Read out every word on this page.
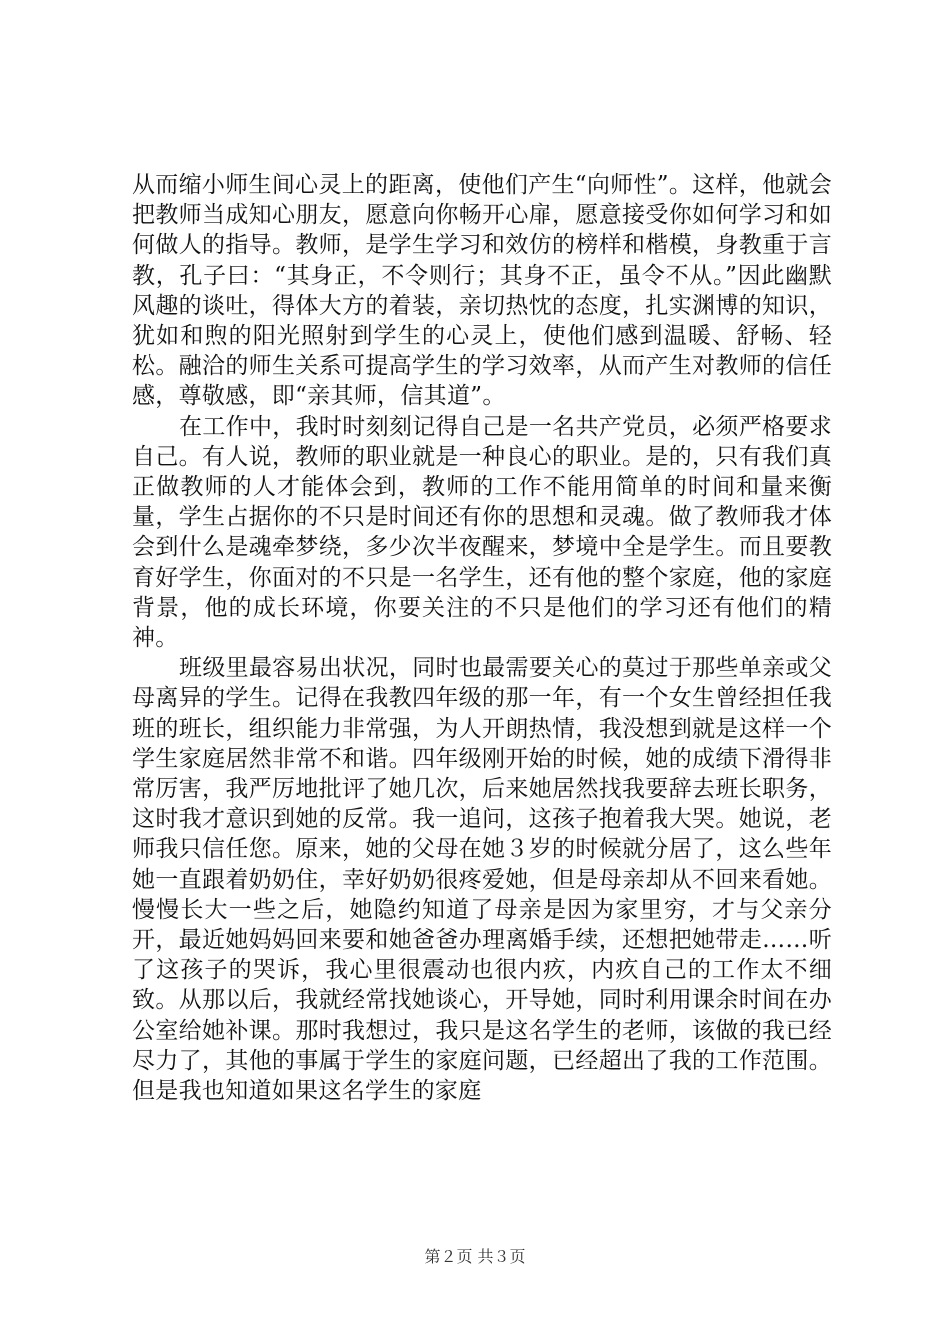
从而缩小师生间心灵上的距离，使他们产生“向师性”。这样，他就会把教师当成知心朋友，愿意向你畅开心扉，愿意接受你如何学习和如何做人的指导。教师，是学生学习和效仿的榜样和楷模，身教重于言教，孔子曰：“其身正，不令则行；其身不正，虽令不从。”因此幽默风趣的谈吐，得体大方的着装，亲切热忱的态度，扎实渊博的知识，犹如和煦的阳光照射到学生的心灵上，使他们感到温暖、舒畅、轻松。融洽的师生关系可提高学生的学习效率，从而产生对教师的信任感，尊敬感，即“亲其师，信其道”。

在工作中，我时时刻刻记得自己是一名共产党员，必须严格要求自己。有人说，教师的职业就是一种良心的职业。是的，只有我们真正做教师的人才能体会到，教师的工作不能用简单的时间和量来衡量，学生占据你的不只是时间还有你的思想和灵魂。做了教师我才体会到什么是魂牵梦绕，多少次半夜醒来，梦境中全是学生。而且要教育好学生，你面对的不只是一名学生，还有他的整个家庭，他的家庭背景，他的成长环境，你要关注的不只是他们的学习还有他们的精神。

班级里最容易出状况，同时也最需要关心的莫过于那些单亲或父母离异的学生。记得在我教四年级的那一年，有一个女生曾经担任我班的班长，组织能力非常强，为人开朗热情，我没想到就是这样一个学生家庭居然非常不和谐。四年级刚开始的时候，她的成绩下滑得非常厉害，我严厉地批评了她几次，后来她居然找我要辞去班长职务，这时我才意识到她的反常。我一追问，这孩子抱着我大哭。她说，老师我只信任您。原来，她的父母在她３岁的时候就分居了，这么些年她一直跟着奶奶住，幸好奶奶很疼爱她，但是母亲却从不回来看她。慢慢长大一些之后，她隐约知道了母亲是因为家里穷，才与父亲分开，最近她妈妈回来要和她爸爸办理离婚手续，还想把她带走……听了这孩子的哭诉，我心里很震动也很内疚，内疚自己的工作太不细致。从那以后，我就经常找她谈心，开导她，同时利用课余时间在办公室给她补课。那时我想过，我只是这名学生的老师，该做的我已经尽力了，其他的事属于学生的家庭问题，已经超出了我的工作范围。但是我也知道如果这名学生的家庭

第２页 共３页
